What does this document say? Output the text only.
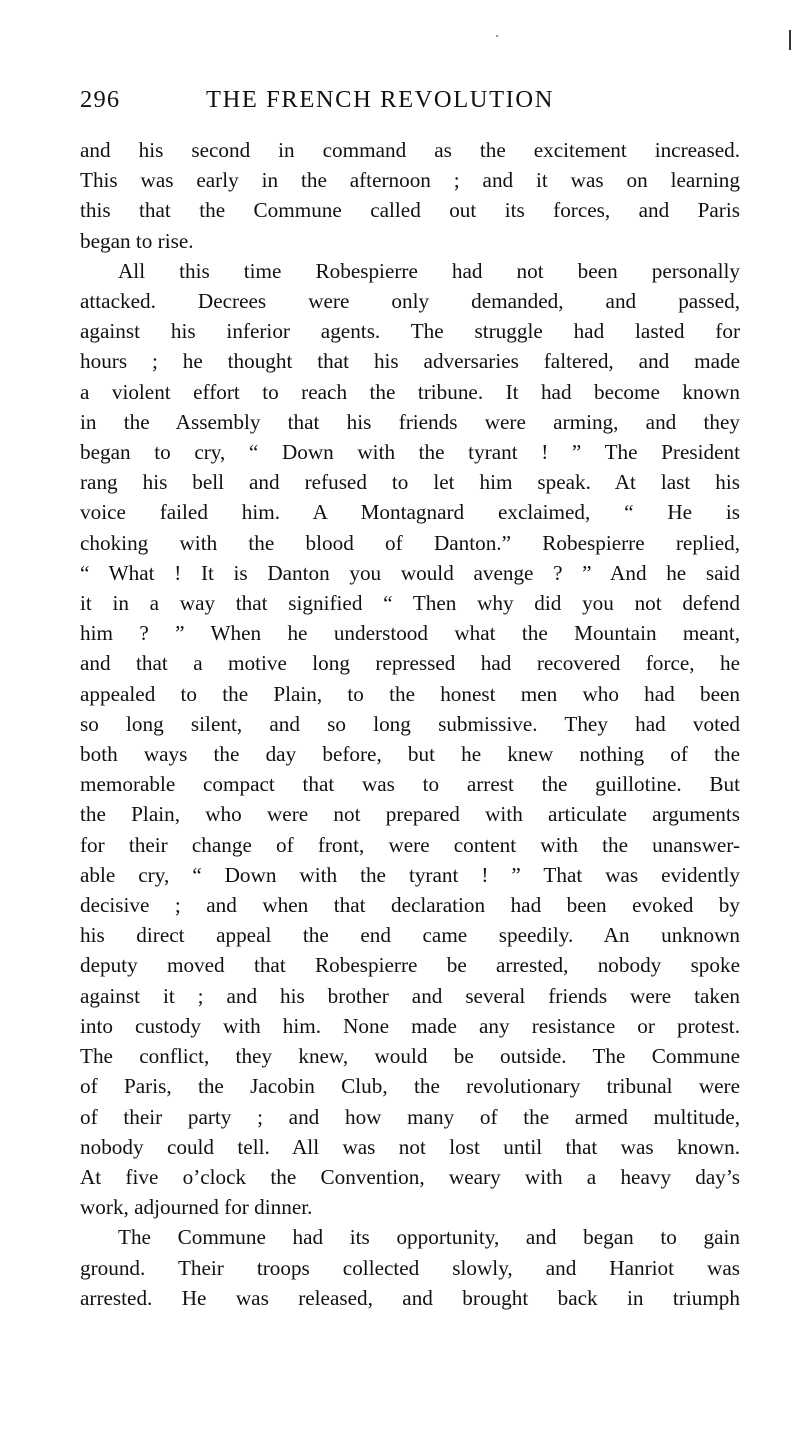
296	THE FRENCH REVOLUTION
and his second in command as the excitement increased.
This was early in the afternoon ; and it was on learning
this that the Commune called out its forces, and Paris
began to rise.
All this time Robespierre had not been personally
attacked. Decrees were only demanded, and passed,
against his inferior agents. The struggle had lasted for
hours ; he thought that his adversaries faltered, and made
a violent effort to reach the tribune. It had become known
in the Assembly that his friends were arming, and they
began to cry, “ Down with the tyrant ! ” The President
rang his bell and refused to let him speak. At last his
voice failed him. A Montagnard exclaimed, “ He is
choking with the blood of Danton.” Robespierre replied,
“ What ! It is Danton you would avenge ? ” And he said
it in a way that signified “ Then why did you not defend
him ? ” When he understood what the Mountain meant,
and that a motive long repressed had recovered force, he
appealed to the Plain, to the honest men who had been
so long silent, and so long submissive. They had voted
both ways the day before, but he knew nothing of the
memorable compact that was to arrest the guillotine. But
the Plain, who were not prepared with articulate arguments
for their change of front, were content with the unanswer-
able cry, “ Down with the tyrant ! ” That was evidently
decisive ; and when that declaration had been evoked by
his direct appeal the end came speedily. An unknown
deputy moved that Robespierre be arrested, nobody spoke
against it ; and his brother and several friends were taken
into custody with him. None made any resistance or protest.
The conflict, they knew, would be outside. The Commune
of Paris, the Jacobin Club, the revolutionary tribunal were
of their party ; and how many of the armed multitude,
nobody could tell. All was not lost until that was known.
At five o’clock the Convention, weary with a heavy day’s
work, adjourned for dinner.
The Commune had its opportunity, and began to gain
ground. Their troops collected slowly, and Hanriot was
arrested. He was released, and brought back in triumph
